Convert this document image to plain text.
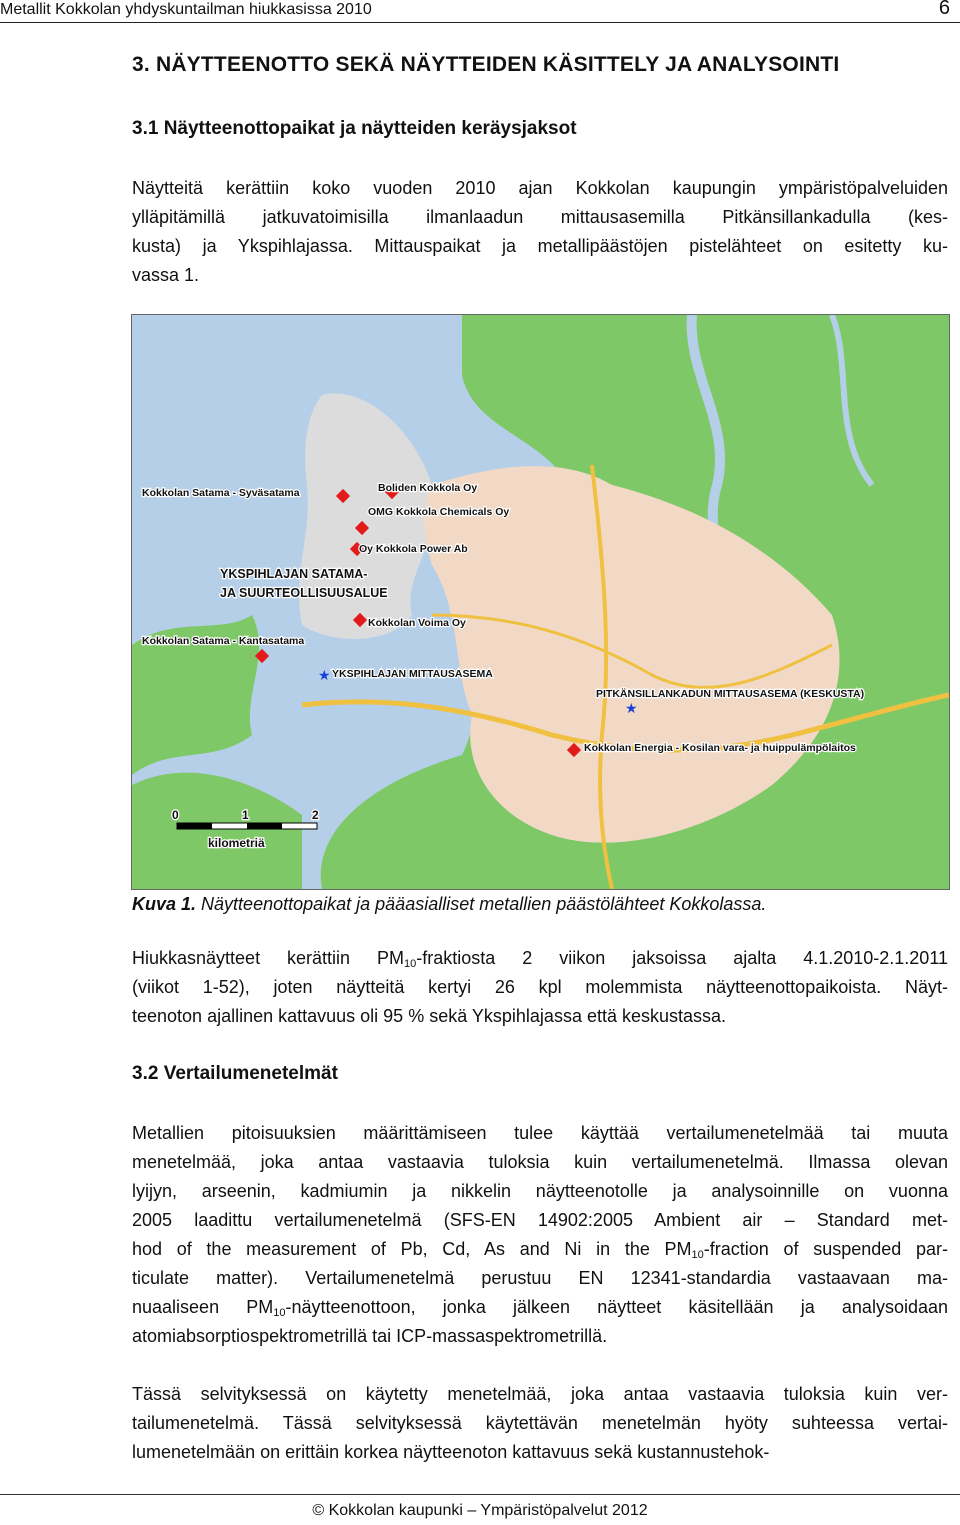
Metallit Kokkolan yhdyskuntailman hiukkasissa 2010	6
3. NÄYTTEENOTTO SEKÄ NÄYTTEIDEN KÄSITTELY JA ANALYSOINTI
3.1 Näytteenottopaikat ja näytteiden keräysjaksot
Näytteitä kerättiin koko vuoden 2010 ajan Kokkolan kaupungin ympäristöpalveluiden
ylläpitämillä jatkuvatoimisilla ilmanlaadun mittausasemilla Pitkänsillankadulla (kes-
kusta) ja Ykspihlajassa. Mittauspaikat ja metallipäästöjen pistelähteet on esitetty ku-
vassa 1.
★
★
Kokkolan Satama - Syväsatama	Boliden Kokkola Oy
OMG Kokkola Chemicals Oy
Oy Kokkola Power Ab
YKSPIHLAJAN SATAMA-
JA SUURTEOLLISUUSALUE
Kokkolan Voima Oy
Kokkolan Satama - Kantasatama
YKSPIHLAJAN MITTAUSASEMA
PITKÄNSILLANKADUN MITTAUSASEMA (KESKUSTA)
Kokkolan Energia - Kosilan vara- ja huippulämpölaitos
0	1	2
kilometriä
Kuva 1. Näytteenottopaikat ja pääasialliset metallien päästölähteet Kokkolassa.
Hiukkasnäytteet kerättiin $PM_{10}$-fraktiosta 2 viikon jaksoissa ajalta 4.1.2010-2.1.2011
(viikot 1-52), joten näytteitä kertyi 26 kpl molemmista näytteenottopaikoista. Näyt-
teenoton ajallinen kattavuus oli 95 % sekä Ykspihlajassa että keskustassa.
3.2 Vertailumenetelmät
Metallien pitoisuuksien määrittämiseen tulee käyttää vertailumenetelmää tai muuta
menetelmää, joka antaa vastaavia tuloksia kuin vertailumenetelmä. Ilmassa olevan
lyijyn, arseenin, kadmiumin ja nikkelin näytteenotolle ja analysoinnille on vuonna
2005 laadittu vertailumenetelmä (SFS-EN 14902:2005 Ambient air – Standard met-
hod of the measurement of Pb, Cd, As and Ni in the $PM_{10}$-fraction of suspended par-
ticulate matter). Vertailumenetelmä perustuu EN 12341-standardia vastaavaan ma-
nuaaliseen $PM_{10}$-näytteenottoon, jonka jälkeen näytteet käsitellään ja analysoidaan
atomiabsorptiospektrometrillä tai ICP-massaspektrometrillä.
Tässä selvityksessä on käytetty menetelmää, joka antaa vastaavia tuloksia kuin ver-
tailumenetelmä. Tässä selvityksessä käytettävän menetelmän hyöty suhteessa vertai-
lumenetelmään on erittäin korkea näytteenoton kattavuus sekä kustannustehok-
© Kokkolan kaupunki – Ympäristöpalvelut 2012
